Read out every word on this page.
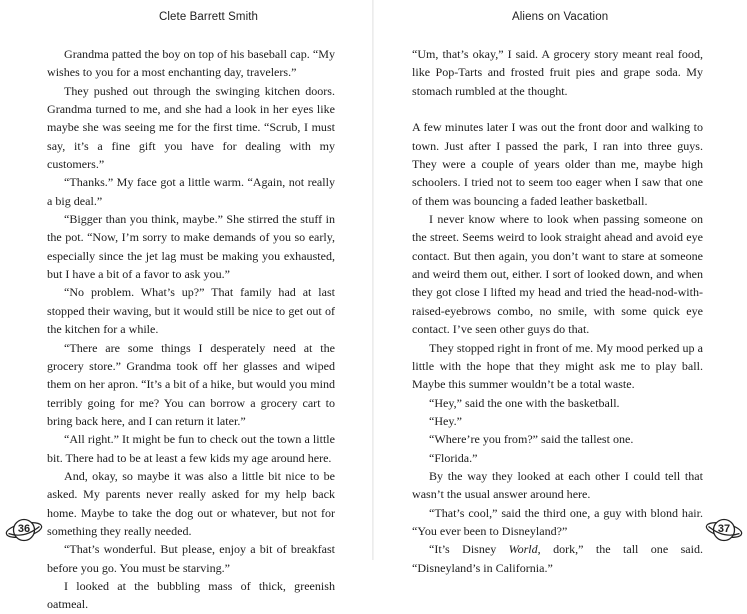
Clete Barrett Smith

Grandma patted the boy on top of his baseball cap. “My wishes to you for a most enchanting day, travelers.”

They pushed out through the swinging kitchen doors. Grandma turned to me, and she had a look in her eyes like maybe she was seeing me for the first time. “Scrub, I must say, it’s a fine gift you have for dealing with my customers.”

“Thanks.” My face got a little warm. “Again, not really a big deal.”

“Bigger than you think, maybe.” She stirred the stuff in the pot. “Now, I’m sorry to make demands of you so early, especially since the jet lag must be making you exhausted, but I have a bit of a favor to ask you.”

“No problem. What’s up?” That family had at last stopped their waving, but it would still be nice to get out of the kitchen for a while.

“There are some things I desperately need at the grocery store.” Grandma took off her glasses and wiped them on her apron. “It’s a bit of a hike, but would you mind terribly going for me? You can borrow a grocery cart to bring back here, and I can return it later.”

“All right.” It might be fun to check out the town a little bit. There had to be at least a few kids my age around here.

And, okay, so maybe it was also a little bit nice to be asked. My parents never really asked for my help back home. Maybe to take the dog out or whatever, but not for something they really needed.

“That’s wonderful. But please, enjoy a bit of breakfast before you go. You must be starving.”

I looked at the bubbling mass of thick, greenish oatmeal.

36
Aliens on Vacation

“Um, that’s okay,” I said. A grocery story meant real food, like Pop-Tarts and frosted fruit pies and grape soda. My stomach rumbled at the thought.

A few minutes later I was out the front door and walking to town. Just after I passed the park, I ran into three guys. They were a couple of years older than me, maybe high schoolers. I tried not to seem too eager when I saw that one of them was bouncing a faded leather basketball.

I never know where to look when passing someone on the street. Seems weird to look straight ahead and avoid eye contact. But then again, you don’t want to stare at someone and weird them out, either. I sort of looked down, and when they got close I lifted my head and tried the head-nod-with-raised-eyebrows combo, no smile, with some quick eye contact. I’ve seen other guys do that.

They stopped right in front of me. My mood perked up a little with the hope that they might ask me to play ball. Maybe this summer wouldn’t be a total waste.

“Hey,” said the one with the basketball.

“Hey.”

“Where’re you from?” said the tallest one.

“Florida.”

By the way they looked at each other I could tell that wasn’t the usual answer around here.

“That’s cool,” said the third one, a guy with blond hair. “You ever been to Disneyland?”

“It’s Disney World, dork,” the tall one said. “Disneyland’s in California.”

37
